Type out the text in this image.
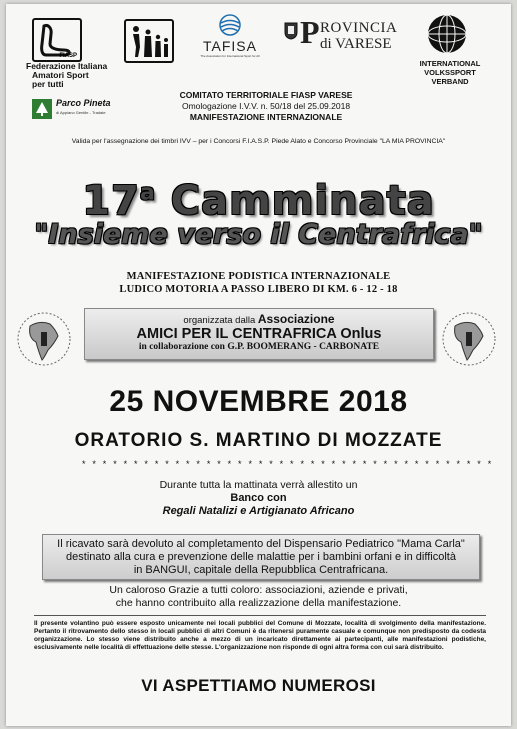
FIASP
Federazione Italiana
Amatori Sport
per tutti
TAFISA
The Association for International Sport for All
P ROVINCIA
di VARESE
INTERNATIONAL
VOLKSSPORT
VERBAND
Parco Pineta
di Appiano Gentile - Tradate
COMITATO TERRITORIALE FIASP VARESE
Omologazione I.V.V. n. 50/18 del 25.09.2018
MANIFESTAZIONE INTERNAZIONALE
Valida per l'assegnazione dei timbri IVV – per i Concorsi F.I.A.S.P. Piede Alato e Concorso Provinciale "LA MIA PROVINCIA"
17$^a$ Camminata
"Insieme verso il Centrafrica"
MANIFESTAZIONE PODISTICA INTERNAZIONALE
LUDICO MOTORIA A PASSO LIBERO DI KM. 6 - 12 - 18
organizzata dalla Associazione
AMICI PER IL CENTRAFRICA Onlus
in collaborazione con G.P. BOOMERANG - CARBONATE
25 NOVEMBRE 2018
ORATORIO S. MARTINO DI MOZZATE
* * * * * * * * * * * * * * * * * * * * * * * * * * * * * * * * * * * * * * * *
Durante tutta la mattinata verrà allestito un
Banco con
Regali Natalizi e Artigianato Africano
Il ricavato sarà devoluto al completamento del Dispensario Pediatrico "Mama Carla"
destinato alla cura e prevenzione delle malattie per i bambini orfani e in difficoltà
in BANGUI, capitale della Repubblica Centrafricana.
Un caloroso Grazie a tutti coloro: associazioni, aziende e privati,
che hanno contribuito alla realizzazione della manifestazione.
Il presente volantino può essere esposto unicamente nei locali pubblici del Comune di Mozzate, località di svolgimento della manifestazione. Pertanto il ritrovamento dello stesso in locali pubblici di altri Comuni è da ritenersi puramente casuale e comunque non predisposto da codesta organizzazione. Lo stesso viene distribuito anche a mezzo di un incaricato direttamente ai partecipanti, alle manifestazioni podistiche, esclusivamente nelle località di effettuazione delle stesse. L'organizzazione non risponde di ogni altra forma con cui sarà distribuito.
VI ASPETTIAMO NUMEROSI
